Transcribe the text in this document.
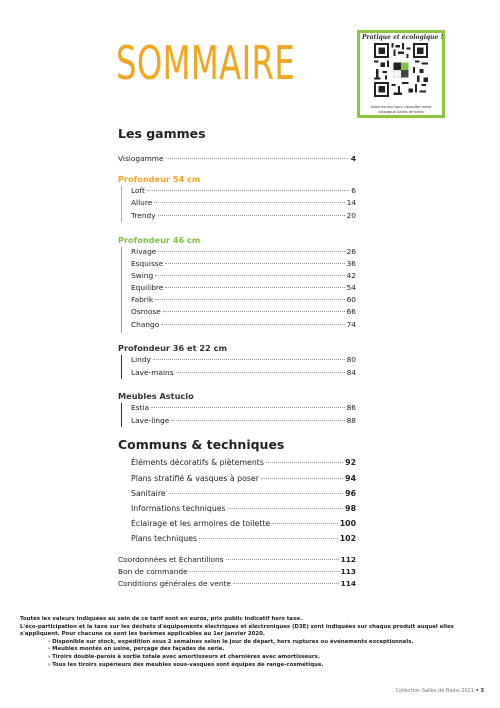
SOMMAIRE	Pratique et écologique !
Scannez-moi pour consulter notre catalogue Salles de bains
Les gammes
Visiogamme	4
Profondeur 54 cm
Loft	6
Allure	14
Trendy	20
Profondeur 46 cm
Rivage	26
Esquisse	36
Swing	42
Equilibre	54
Fabrik	60
Osmose	66
Chango	74
Profondeur 36 et 22 cm
Lindy	80
Lave-mains	84
Meubles Astucio
Estia	86
Lave-linge	88
Communs & techniques
Éléments décoratifs & piètements	92
Plans stratifié & vasques à poser	94
Sanitaire	96
Informations techniques	98
Éclairage et les armoires de toilette	100
Plans techniques	102
Coordonnées et Échantillons	112
Bon de commande	113
Conditions générales de vente	114
Toutes les valeurs indiquées au sein de ce tarif sont en euros, prix public indicatif hors taxe.
L'éco-participation et la taxe sur les déchets d'équipements électriques et électroniques (D3E) sont indiquées sur chaque produit auquel elles s'appliquent. Pour chacune ce sont les barèmes applicables au 1er janvier 2020.
› Disponible sur stock, expédition sous 2 semaines selon le jour de départ, hors ruptures ou événements exceptionnels.
› Meubles montés en usine, perçage des façades de série.
› Tiroirs double-parois à sortie totale avec amortisseurs et charnières avec amortisseurs.
› Tous les tiroirs supérieurs des meubles sous-vasques sont équipés de range-cosmétique.
Collection Salles de Bains 2021 • 3
